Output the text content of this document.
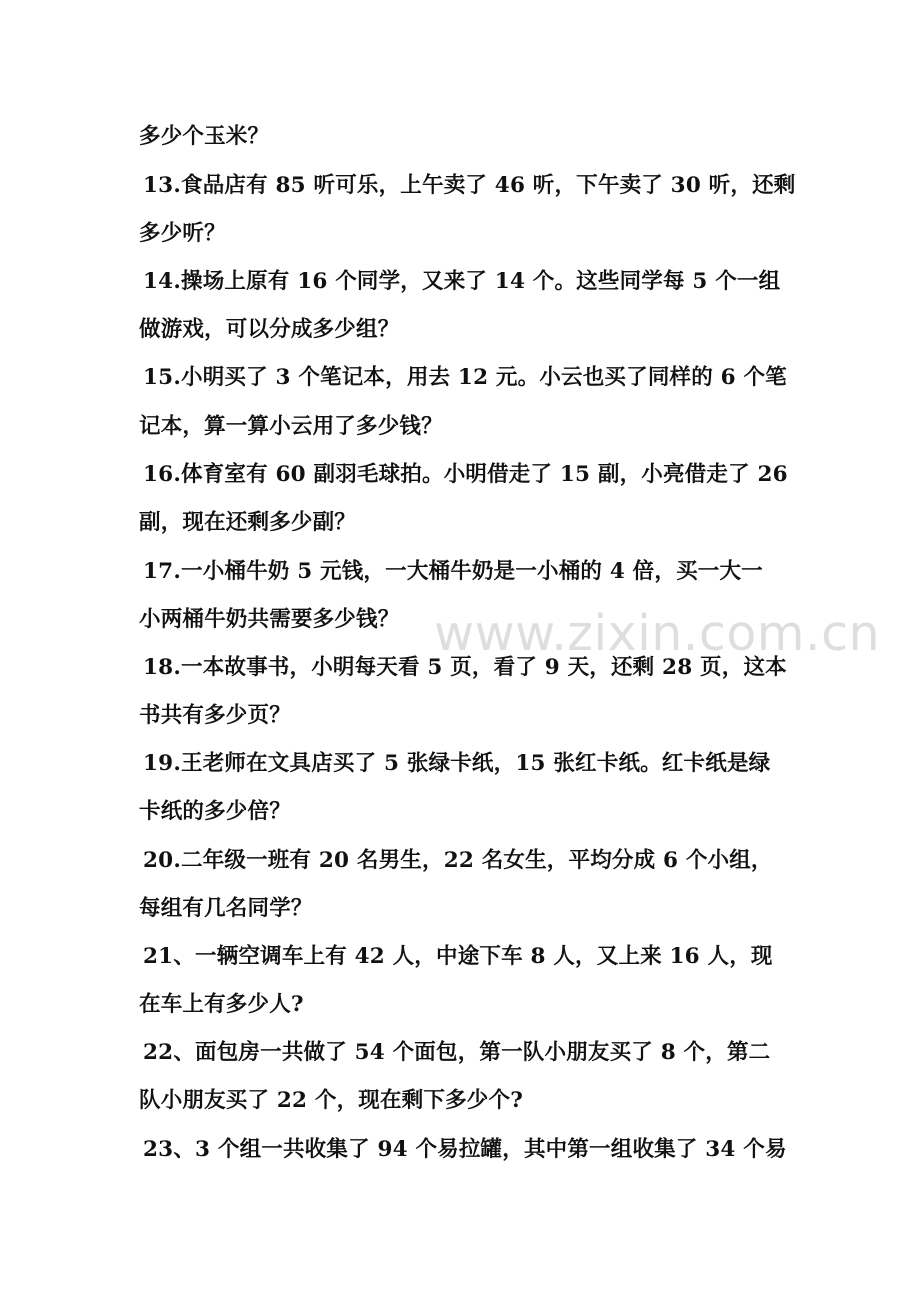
多少个玉米？
13.食品店有 85 听可乐，上午卖了 46 听，下午卖了 30 听，还剩
多少听？
14.操场上原有 16 个同学，又来了 14 个。这些同学每 5 个一组
做游戏，可以分成多少组？
15.小明买了 3 个笔记本，用去 12 元。小云也买了同样的 6 个笔
记本，算一算小云用了多少钱？
16.体育室有 60 副羽毛球拍。小明借走了 15 副，小亮借走了 26
副，现在还剩多少副？
17.一小桶牛奶 5 元钱，一大桶牛奶是一小桶的 4 倍，买一大一
小两桶牛奶共需要多少钱？
18.一本故事书，小明每天看 5 页，看了 9 天，还剩 28 页，这本
书共有多少页？
19.王老师在文具店买了 5 张绿卡纸，15 张红卡纸。红卡纸是绿
卡纸的多少倍？
20.二年级一班有 20 名男生，22 名女生，平均分成 6 个小组，
每组有几名同学？
21、一辆空调车上有 42 人，中途下车 8 人，又上来 16 人，现
在车上有多少人?
22、面包房一共做了 54 个面包，第一队小朋友买了 8 个，第二
队小朋友买了 22 个，现在剩下多少个?
23、3 个组一共收集了 94 个易拉罐，其中第一组收集了 34 个易
www.zixin.com.cn
